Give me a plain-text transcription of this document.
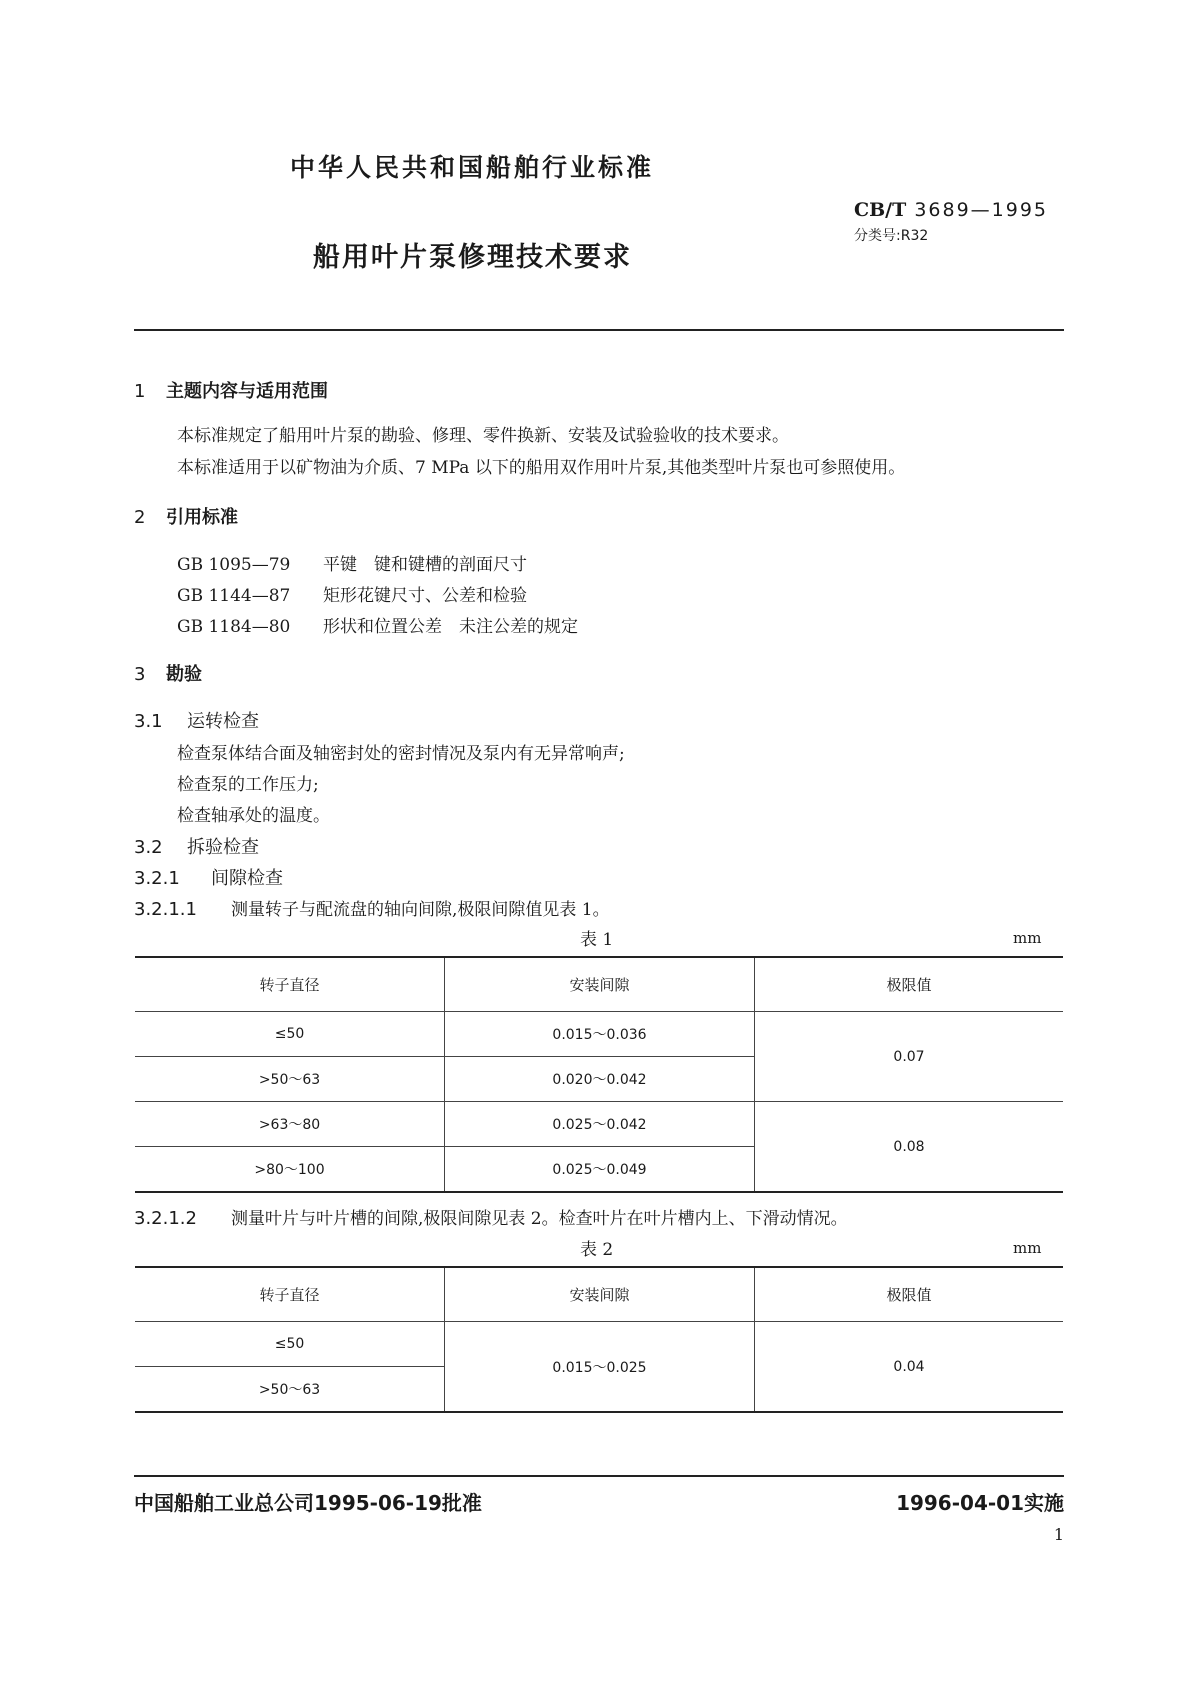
中华人民共和国船舶行业标准
船用叶片泵修理技术要求
CB/T 3689—1995
分类号:R32
1 主题内容与适用范围
本标准规定了船用叶片泵的勘验、修理、零件换新、安装及试验验收的技术要求。
本标准适用于以矿物油为介质、7 MPa 以下的船用双作用叶片泵,其他类型叶片泵也可参照使用。
2 引用标准
GB 1095—79 平键　键和键槽的剖面尺寸
GB 1144—87 矩形花键尺寸、公差和检验
GB 1184—80 形状和位置公差　未注公差的规定
3 勘验
3.1 运转检查
检查泵体结合面及轴密封处的密封情况及泵内有无异常响声;
检查泵的工作压力;
检查轴承处的温度。
3.2 拆验检查
3.2.1 间隙检查
3.2.1.1 测量转子与配流盘的轴向间隙,极限间隙值见表 1。
表 1	mm
转子直径	安装间隙	极限值
≤50	0.015～0.036	0.07
>50～63	0.020～0.042	
>63～80	0.025～0.042	0.08
>80～100	0.025～0.049	
3.2.1.2 测量叶片与叶片槽的间隙,极限间隙见表 2。检查叶片在叶片槽内上、下滑动情况。
表 2	mm
转子直径	安装间隙	极限值
≤50	0.015～0.025	0.04
>50～63		
中国船舶工业总公司1995-06-19批准	1996-04-01实施
1
